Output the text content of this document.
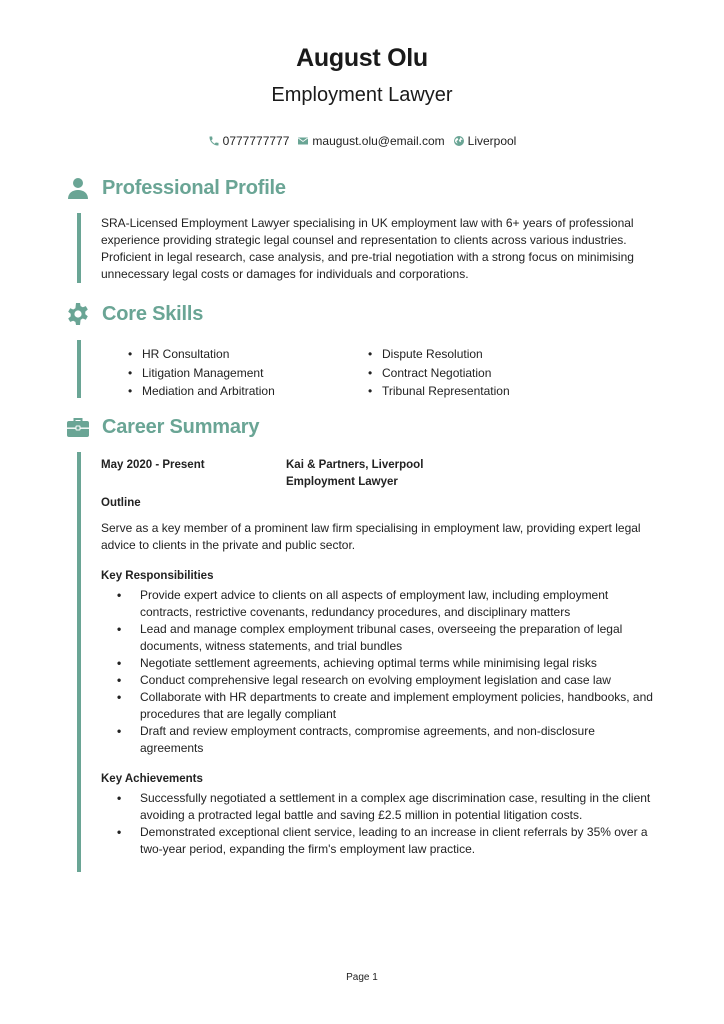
August Olu
Employment Lawyer
0777777777 maugust.olu@email.com Liverpool
Professional Profile
SRA-Licensed Employment Lawyer specialising in UK employment law with 6+ years of professional experience providing strategic legal counsel and representation to clients across various industries. Proficient in legal research, case analysis, and pre-trial negotiation with a strong focus on minimising unnecessary legal costs or damages for individuals and corporations.
Core Skills
• HR Consultation
• Litigation Management
• Mediation and Arbitration
• Dispute Resolution
• Contract Negotiation
• Tribunal Representation
Career Summary
May 2020 - Present	Kai & Partners, Liverpool
Employment Lawyer
Outline
Serve as a key member of a prominent law firm specialising in employment law, providing expert legal advice to clients in the private and public sector.
Key Responsibilities
• Provide expert advice to clients on all aspects of employment law, including employment contracts, restrictive covenants, redundancy procedures, and disciplinary matters
• Lead and manage complex employment tribunal cases, overseeing the preparation of legal documents, witness statements, and trial bundles
• Negotiate settlement agreements, achieving optimal terms while minimising legal risks
• Conduct comprehensive legal research on evolving employment legislation and case law
• Collaborate with HR departments to create and implement employment policies, handbooks, and procedures that are legally compliant
• Draft and review employment contracts, compromise agreements, and non-disclosure agreements
Key Achievements
• Successfully negotiated a settlement in a complex age discrimination case, resulting in the client avoiding a protracted legal battle and saving £2.5 million in potential litigation costs.
• Demonstrated exceptional client service, leading to an increase in client referrals by 35% over a two-year period, expanding the firm's employment law practice.
Page 1
